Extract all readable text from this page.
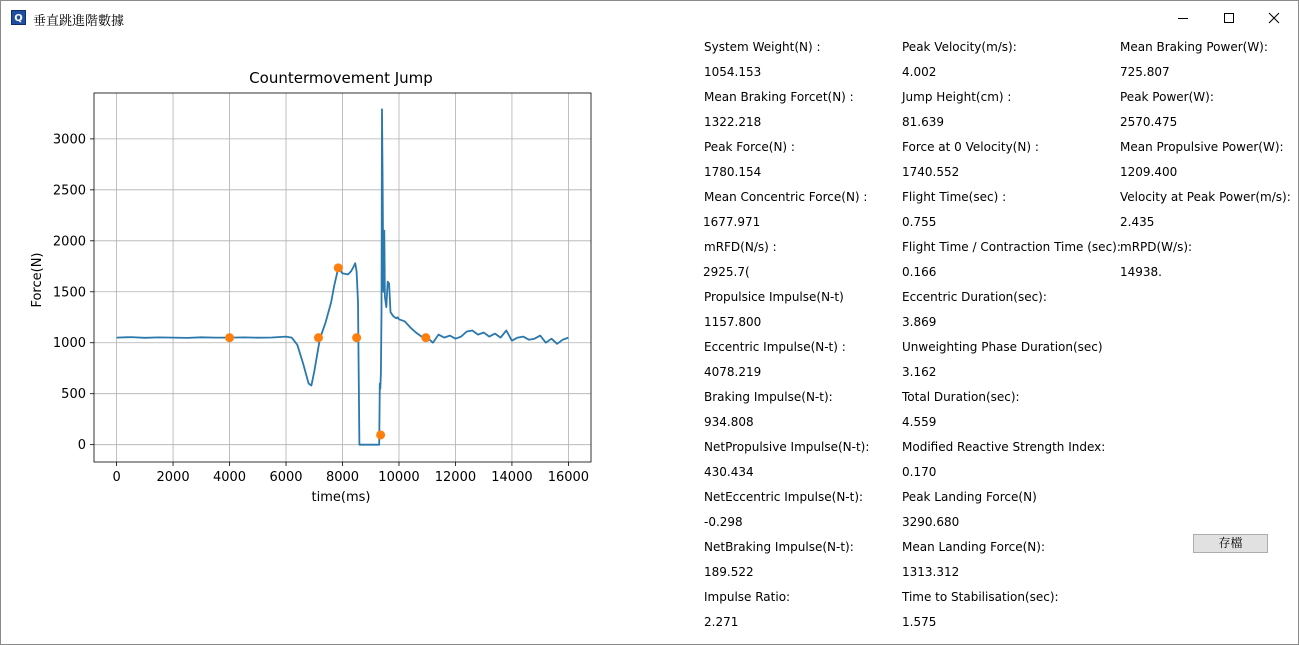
Q 垂直跳進階數據
0	2000 4000 6000 8000 10000 12000 14000 16000
0
500
1000
1500
2000
2500
3000
Countermovement Jump
time(ms)
Force(N)
System Weight(N) :
1054.153
Mean Braking Forcet(N) :
1322.218
Peak Force(N) :
1780.154
Mean Concentric Force(N) :
1677.971
mRFD(N/s) :
2925.7(
Propulsice Impulse(N-t)
1157.800
Eccentric Impulse(N-t) :
4078.219
Braking Impulse(N-t):
934.808
NetPropulsive Impulse(N-t):
430.434
NetEccentric Impulse(N-t):
-0.298
NetBraking Impulse(N-t):
189.522
Impulse Ratio:
2.271
Peak Velocity(m/s):
4.002
Jump Height(cm) :
81.639
Force at 0 Velocity(N) :
1740.552
Flight Time(sec) :
0.755
Flight Time / Contraction Time (sec):
0.166
Eccentric Duration(sec):
3.869
Unweighting Phase Duration(sec)
3.162
Total Duration(sec):
4.559
Modified Reactive Strength Index:
0.170
Peak Landing Force(N)
3290.680
Mean Landing Force(N):
1313.312
Time to Stabilisation(sec):
1.575
Mean Braking Power(W):
725.807
Peak Power(W):
2570.475
Mean Propulsive Power(W):
1209.400
Velocity at Peak Power(m/s):
2.435
mRPD(W/s):
14938.
存檔
